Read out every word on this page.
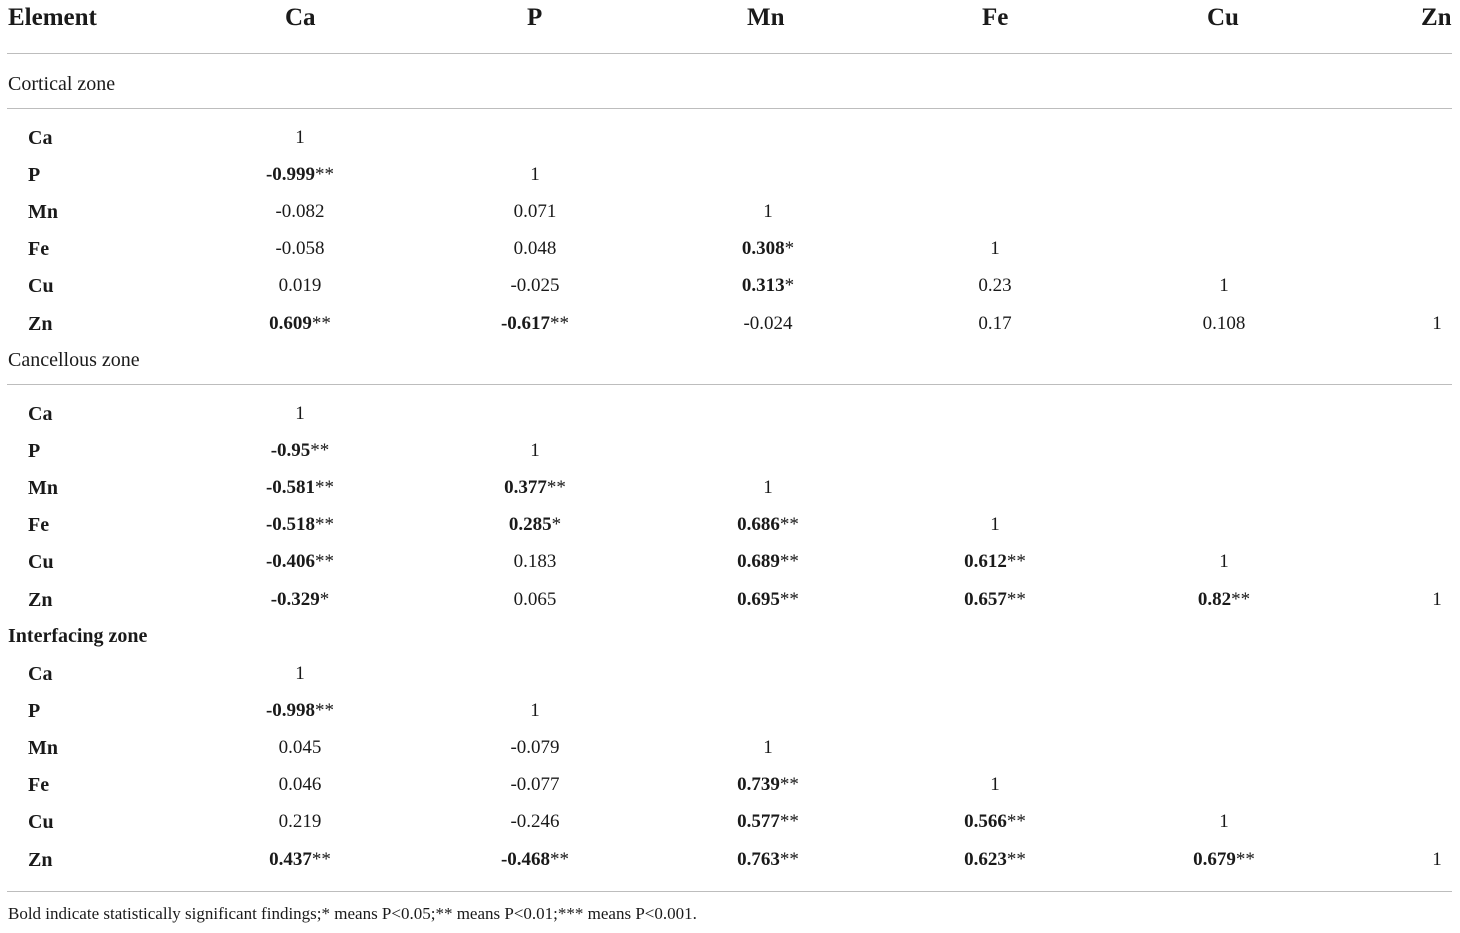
Element	Ca	P	Mn	Fe	Cu	Zn
Cortical zone
Ca	1
P	-0.999**	1
Mn	-0.082	0.071	1
Fe	-0.058	0.048	0.308*	1
Cu	0.019	-0.025	0.313*	0.23	1
Zn	0.609**	-0.617**	-0.024	0.17	0.108	1
Cancellous zone
Ca	1
P	-0.95**	1
Mn	-0.581**	0.377**	1
Fe	-0.518**	0.285*	0.686**	1
Cu	-0.406**	0.183	0.689**	0.612**	1
Zn	-0.329*	0.065	0.695**	0.657**	0.82**	1
Interfacing zone
Ca	1
P	-0.998**	1
Mn	0.045	-0.079	1
Fe	0.046	-0.077	0.739**	1
Cu	0.219	-0.246	0.577**	0.566**	1
Zn	0.437**	-0.468**	0.763**	0.623**	0.679**	1
Bold indicate statistically significant findings;* means P<0.05;** means P<0.01;*** means P<0.001.
